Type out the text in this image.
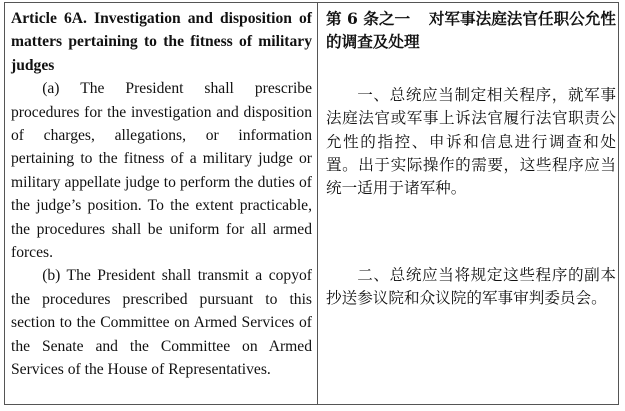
Article 6A. Investigation and disposition of matters pertaining to the fitness of military judges

(a) The President shall prescribe procedures for the investigation and disposition of charges, allegations, or information pertaining to the fitness of a military judge or military appellate judge to perform the duties of the judge’s position. To the extent practicable, the procedures shall be uniform for all armed forces.

(b) The President shall transmit a copyof the procedures prescribed pursuant to this section to the Committee on Armed Services of the Senate and the Committee on Armed Services of the House of Representatives.

第 6 条之一 对军事法庭法官任职公允性的调查及处理

一、总统应当制定相关程序，就军事法庭法官或军事上诉法官履行法官职责公允性的指控、申诉和信息进行调查和处置。出于实际操作的需要，这些程序应当统一适用于诸军种。

二、总统应当将规定这些程序的副本抄送参议院和众议院的军事审判委员会。
